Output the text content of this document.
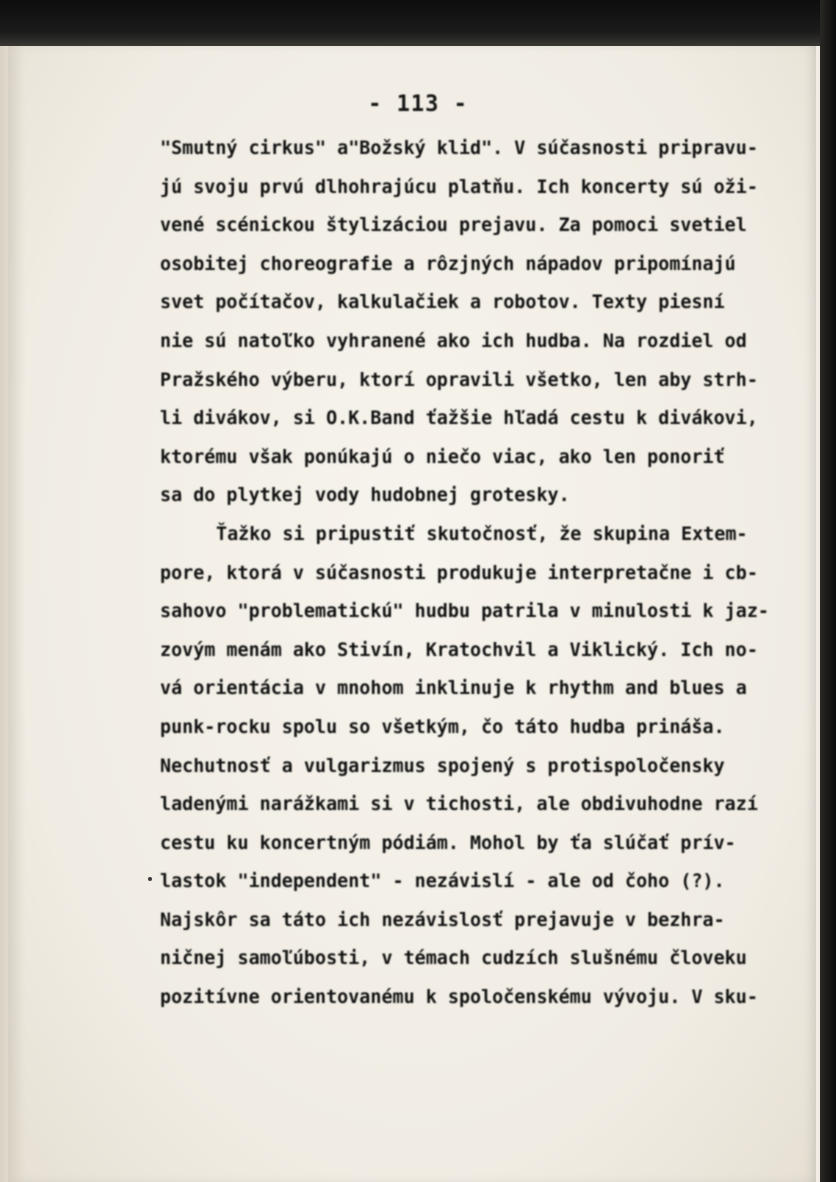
- 113 -
"Smutný cirkus" a"Božský klid". V súčasnosti pripravu-
jú svoju prvú dlhohrajúcu platňu. Ich koncerty sú oži-
vené scénickou štylizáciou prejavu. Za pomoci svetiel
osobitej choreografie a rôzjných nápadov pripomínajú
svet počítačov, kalkulačiek a robotov. Texty piesní
nie sú natoľko vyhranené ako ich hudba. Na rozdiel od
Pražského výberu, ktorí opravili všetko, len aby strh-
li divákov, si O.K.Band ťažšie hľadá cestu k divákovi,
ktorému však ponúkajú o niečo viac, ako len ponoriť
sa do plytkej vody hudobnej grotesky.
Ťažko si pripustiť skutočnosť, že skupina Extem-
pore, ktorá v súčasnosti produkuje interpretačne i cb-
sahovo "problematickú" hudbu patrila v minulosti k jaz-
zovým menám ako Stivín, Kratochvil a Viklický. Ich no-
vá orientácia v mnohom inklinuje k rhythm and blues a
punk-rocku spolu so všetkým, čo táto hudba prináša.
Nechutnosť a vulgarizmus spojený s protispoločensky
ladenými narážkami si v tichosti, ale obdivuhodne razí
cestu ku koncertným pódiám. Mohol by ťa slúčať prív-
lastok "independent" - nezávislí - ale od čoho (?).
Najskôr sa táto ich nezávislosť prejavuje v bezhra-
ničnej samoľúbosti, v témach cudzích slušnému človeku
pozitívne orientovanému k spoločenskému vývoju. V sku-
